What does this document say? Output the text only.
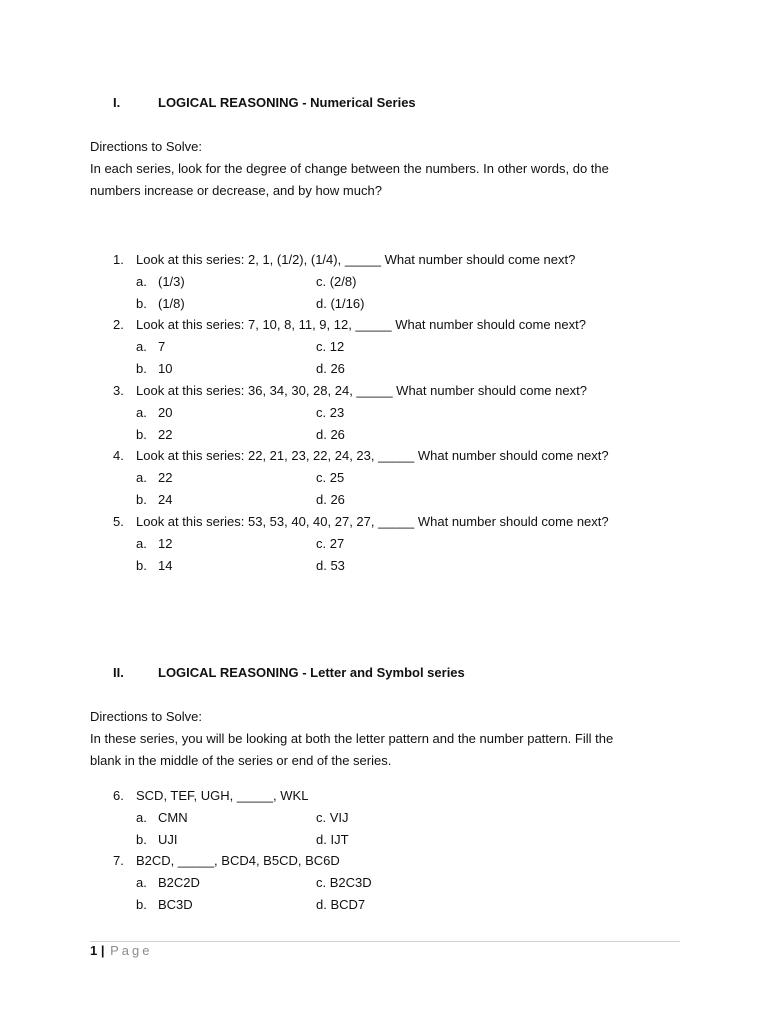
I.	LOGICAL REASONING - Numerical Series
Directions to Solve:
In each series, look for the degree of change between the numbers. In other words, do the
numbers increase or decrease, and by how much?
1. Look at this series: 2, 1, (1/2), (1/4), _____ What number should come next?
a. (1/3)	c. (2/8)
b. (1/8)	d. (1/16)
2. Look at this series: 7, 10, 8, 11, 9, 12, _____ What number should come next?
a. 7	c. 12
b. 10	d. 26
3. Look at this series: 36, 34, 30, 28, 24, _____ What number should come next?
a. 20	c. 23
b. 22	d. 26
4. Look at this series: 22, 21, 23, 22, 24, 23, _____ What number should come next?
a. 22	c. 25
b. 24	d. 26
5. Look at this series: 53, 53, 40, 40, 27, 27, _____ What number should come next?
a. 12	c. 27
b. 14	d. 53
II.	LOGICAL REASONING - Letter and Symbol series
Directions to Solve:
In these series, you will be looking at both the letter pattern and the number pattern. Fill the
blank in the middle of the series or end of the series.
6. SCD, TEF, UGH, _____, WKL
a. CMN	c. VIJ
b. UJI	d. IJT
7. B2CD, _____, BCD4, B5CD, BC6D
a. B2C2D	c. B2C3D
b. BC3D	d. BCD7
1 | Page
